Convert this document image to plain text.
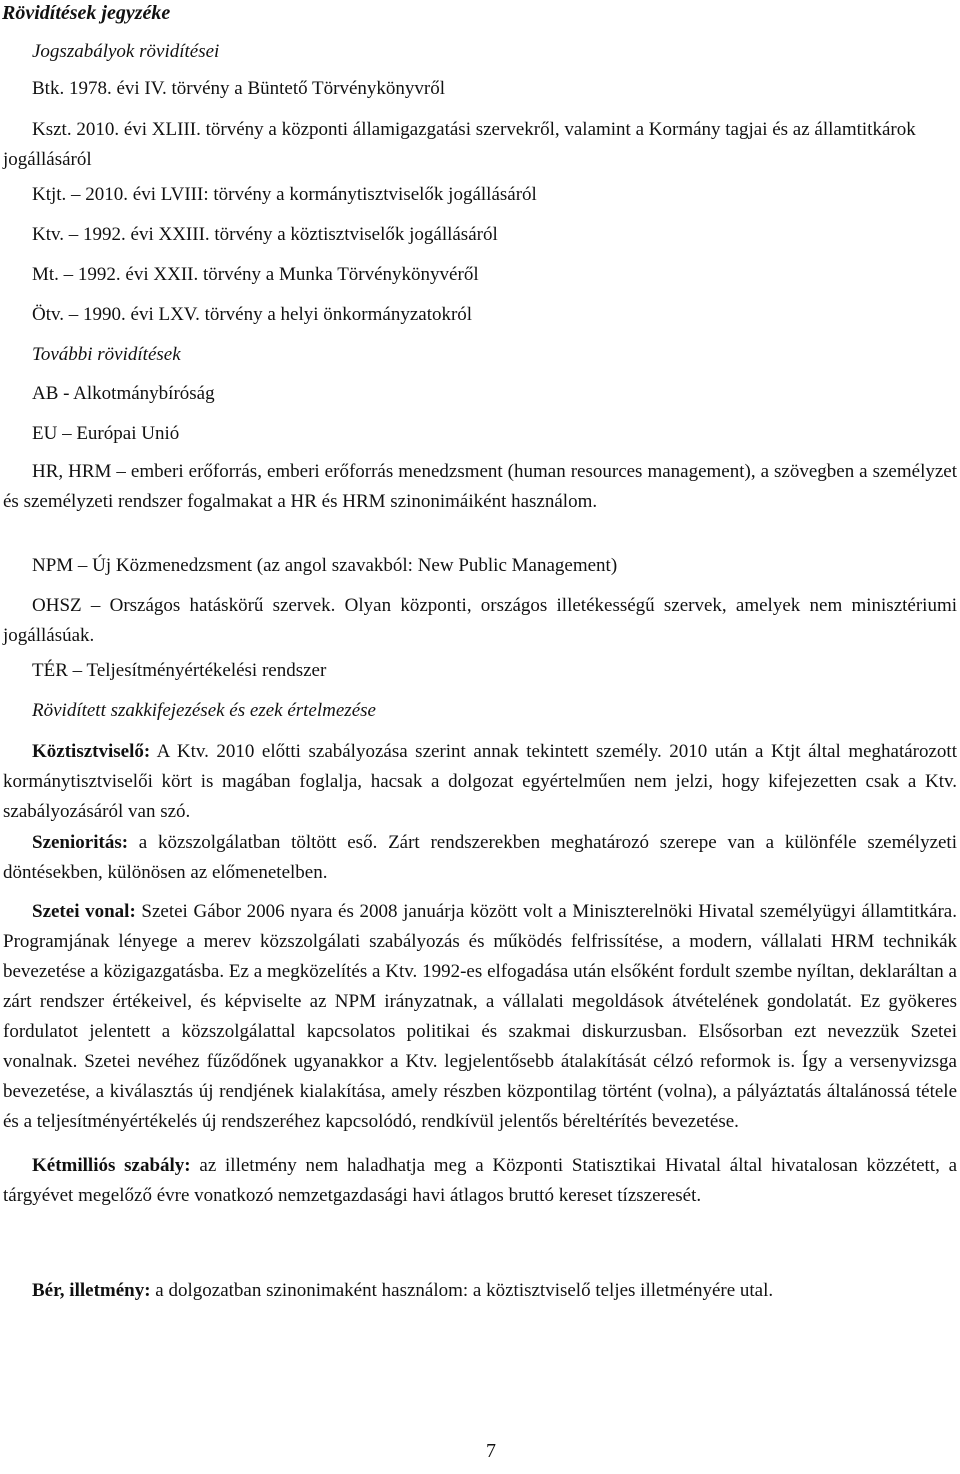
Rövidítések jegyzéke

Jogszabályok rövidítései

Btk. 1978. évi IV. törvény a Büntető Törvénykönyvről

Kszt. 2010. évi XLIII. törvény a központi államigazgatási szervekről, valamint a Kormány tagjai és az államtitkárok jogállásáról

Ktjt. – 2010. évi LVIII: törvény a kormánytisztviselők jogállásáról

Ktv. – 1992. évi XXIII. törvény a köztisztviselők jogállásáról

Mt. – 1992. évi XXII. törvény a Munka Törvénykönyvéről

Ötv. – 1990. évi LXV. törvény a helyi önkormányzatokról

További rövidítések

AB - Alkotmánybíróság

EU – Európai Unió

HR, HRM – emberi erőforrás, emberi erőforrás menedzsment (human resources management), a szövegben a személyzet és személyzeti rendszer fogalmakat a HR és HRM szinonimáiként használom.

NPM – Új Közmenedzsment (az angol szavakból: New Public Management)

OHSZ – Országos hatáskörű szervek. Olyan központi, országos illetékességű szervek, amelyek nem minisztériumi jogállásúak.

TÉR – Teljesítményértékelési rendszer

Rövidített szakkifejezések és ezek értelmezése

Köztisztviselő: A Ktv. 2010 előtti szabályozása szerint annak tekintett személy. 2010 után a Ktjt által meghatározott kormánytisztviselői kört is magában foglalja, hacsak a dolgozat egyértelműen nem jelzi, hogy kifejezetten csak a Ktv. szabályozásáról van szó.

Szenioritás: a közszolgálatban töltött eső. Zárt rendszerekben meghatározó szerepe van a különféle személyzeti döntésekben, különösen az előmenetelben.

Szetei vonal: Szetei Gábor 2006 nyara és 2008 januárja között volt a Miniszterelnöki Hivatal személyügyi államtitkára. Programjának lényege a merev közszolgálati szabályozás és működés felfrissítése, a modern, vállalati HRM technikák bevezetése a közigazgatásba. Ez a megközelítés a Ktv. 1992-es elfogadása után elsőként fordult szembe nyíltan, deklaráltan a zárt rendszer értékeivel, és képviselte az NPM irányzatnak, a vállalati megoldások átvételének gondolatát. Ez gyökeres fordulatot jelentett a közszolgálattal kapcsolatos politikai és szakmai diskurzusban. Elsősorban ezt nevezzük Szetei vonalnak. Szetei nevéhez fűződőnek ugyanakkor a Ktv. legjelentősebb átalakítását célzó reformok is. Így a versenyvizsga bevezetése, a kiválasztás új rendjének kialakítása, amely részben központilag történt (volna), a pályáztatás általánossá tétele és a teljesítményértékelés új rendszeréhez kapcsolódó, rendkívül jelentős béreltérítés bevezetése.

Kétmilliós szabály: az illetmény nem haladhatja meg a Központi Statisztikai Hivatal által hivatalosan közzétett, a tárgyévet megelőző évre vonatkozó nemzetgazdasági havi átlagos bruttó kereset tízszeresét.

Bér, illetmény: a dolgozatban szinonimaként használom: a köztisztviselő teljes illetményére utal.

7
